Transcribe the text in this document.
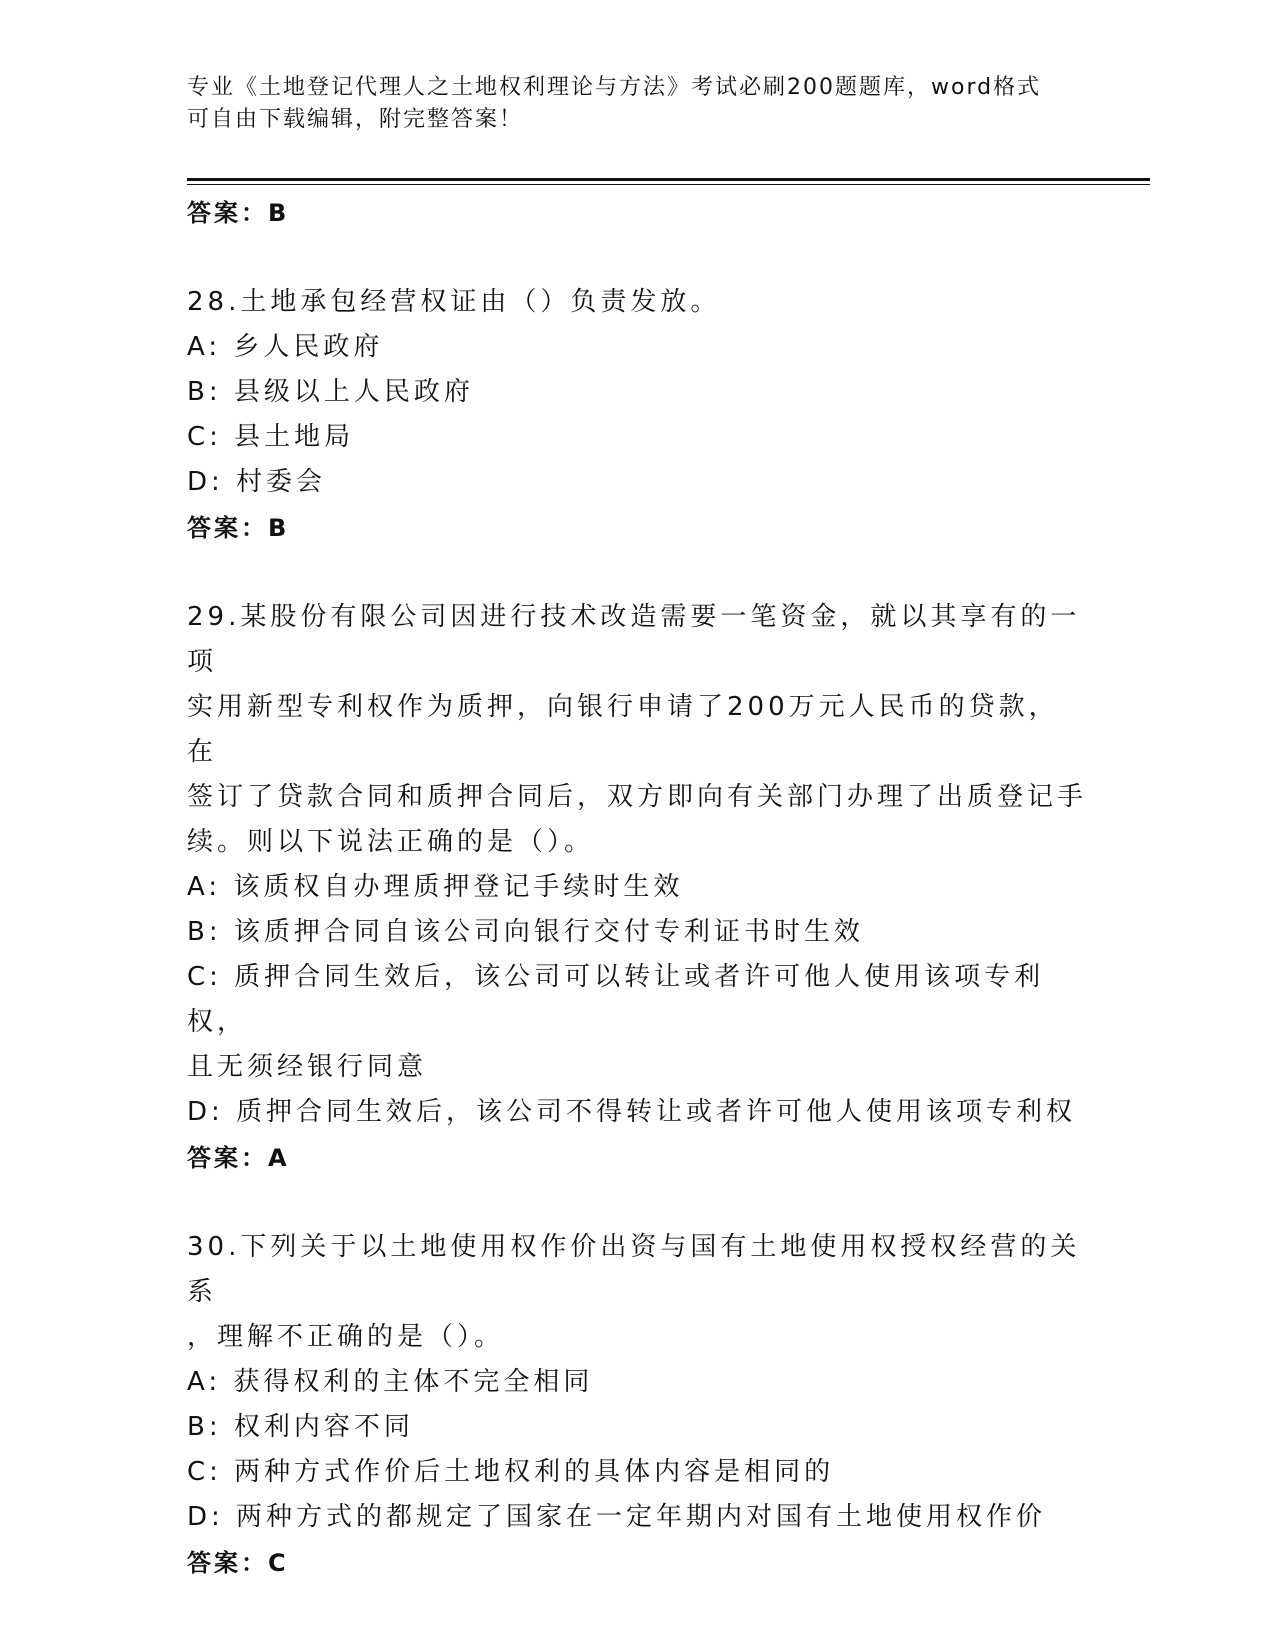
专业《土地登记代理人之土地权利理论与方法》考试必刷200题题库，word格式
可自由下载编辑，附完整答案！

答案：B

28.土地承包经营权证由（）负责发放。

A: 乡人民政府

B: 县级以上人民政府

C: 县土地局

D: 村委会

答案：B

29.某股份有限公司因进行技术改造需要一笔资金，就以其享有的一项

实用新型专利权作为质押，向银行申请了200万元人民币的贷款，在

签订了贷款合同和质押合同后，双方即向有关部门办理了出质登记手

续。则以下说法正确的是（）。

A: 该质权自办理质押登记手续时生效

B: 该质押合同自该公司向银行交付专利证书时生效

C: 质押合同生效后，该公司可以转让或者许可他人使用该项专利权，

且无须经银行同意

D: 质押合同生效后，该公司不得转让或者许可他人使用该项专利权

答案：A

30.下列关于以土地使用权作价出资与国有土地使用权授权经营的关系

，理解不正确的是（）。

A: 获得权利的主体不完全相同

B: 权利内容不同

C: 两种方式作价后土地权利的具体内容是相同的

D: 两种方式的都规定了国家在一定年期内对国有土地使用权作价

答案：C
